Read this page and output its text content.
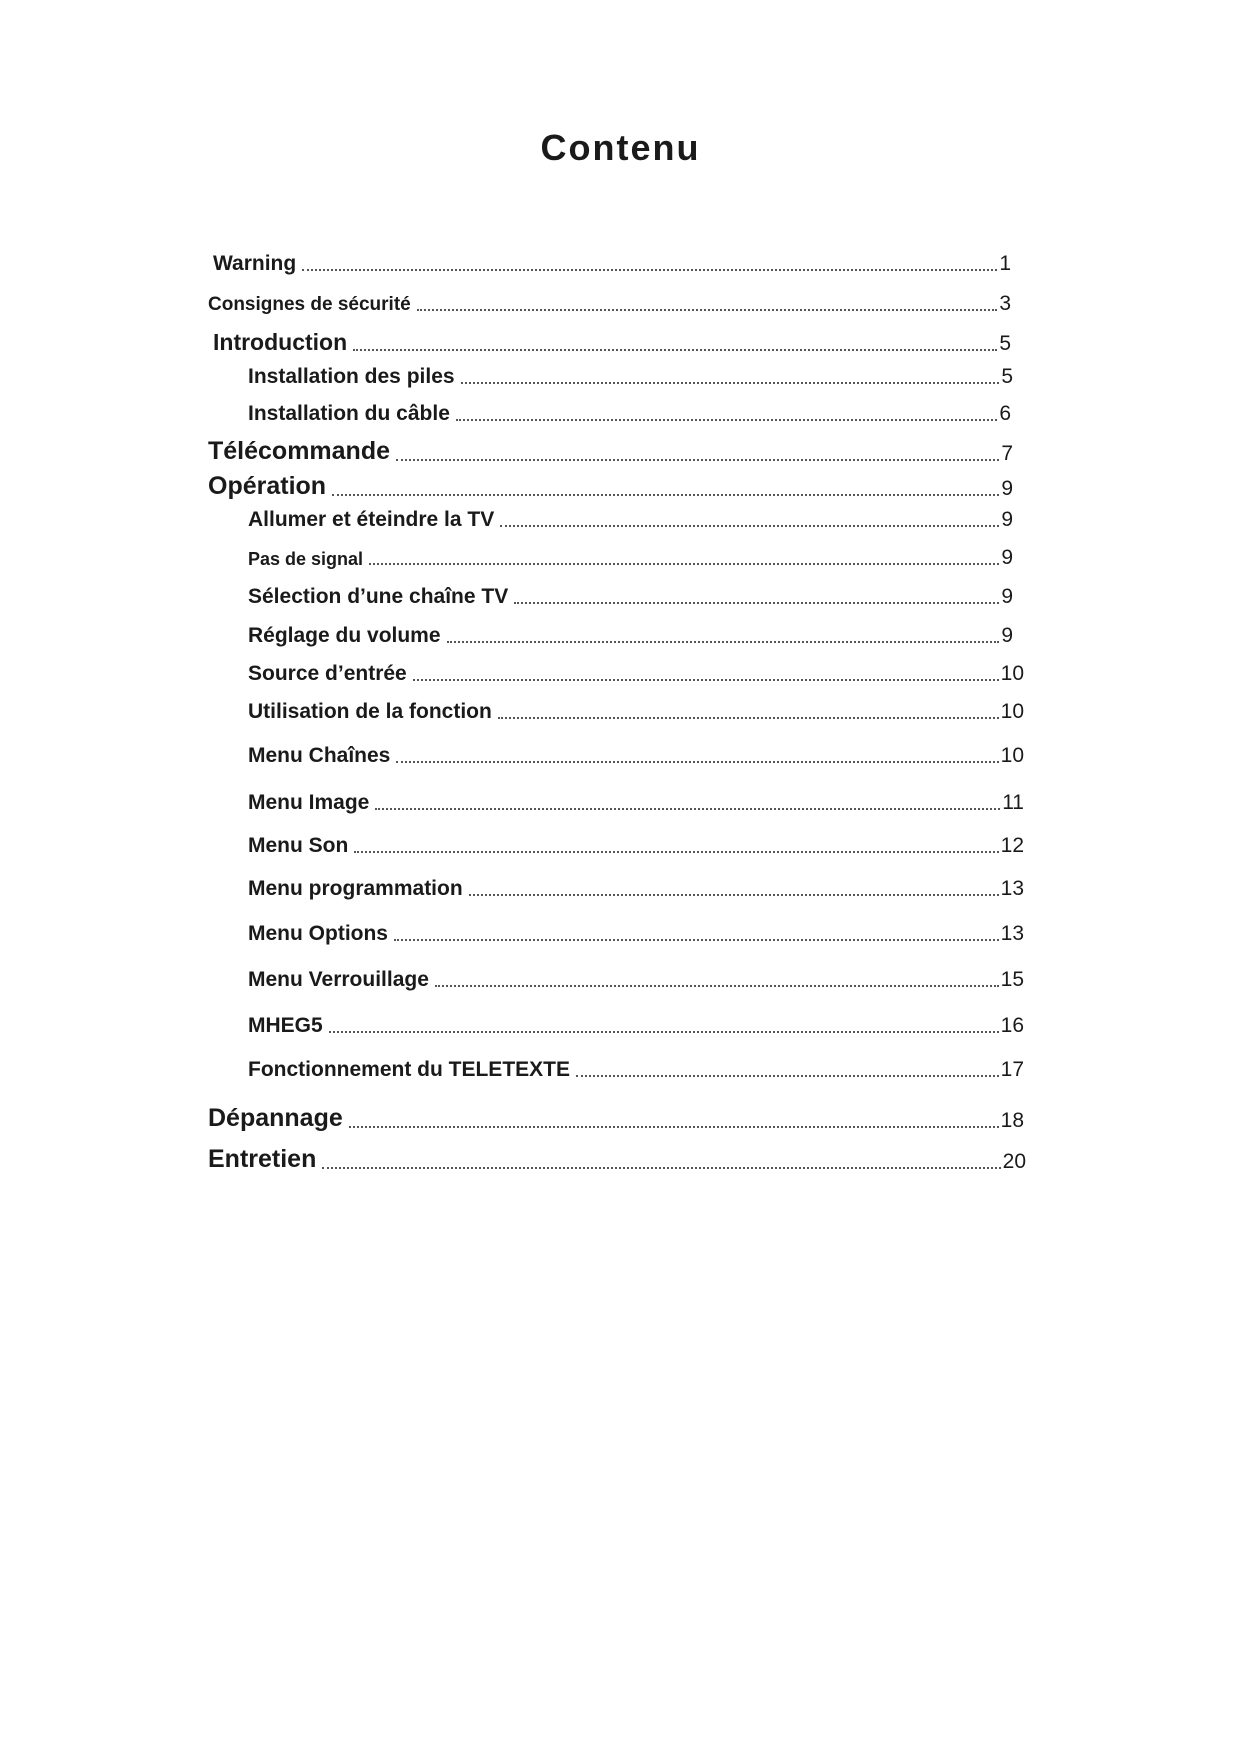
Contenu
Warning	1
Consignes de sécurité	3
Introduction	5
Installation des piles	5
Installation du câble	6
Télécommande	7
Opération	9
Allumer et éteindre la TV	9
Pas de signal	9
Sélection d’une chaîne TV	9
Réglage du volume	9
Source d’entrée	10
Utilisation de la fonction	10
Menu Chaînes	10
Menu Image	11
Menu Son	12
Menu programmation	13
Menu Options	13
Menu Verrouillage	15
MHEG5	16
Fonctionnement du TELETEXTE	17
Dépannage	18
Entretien	20
